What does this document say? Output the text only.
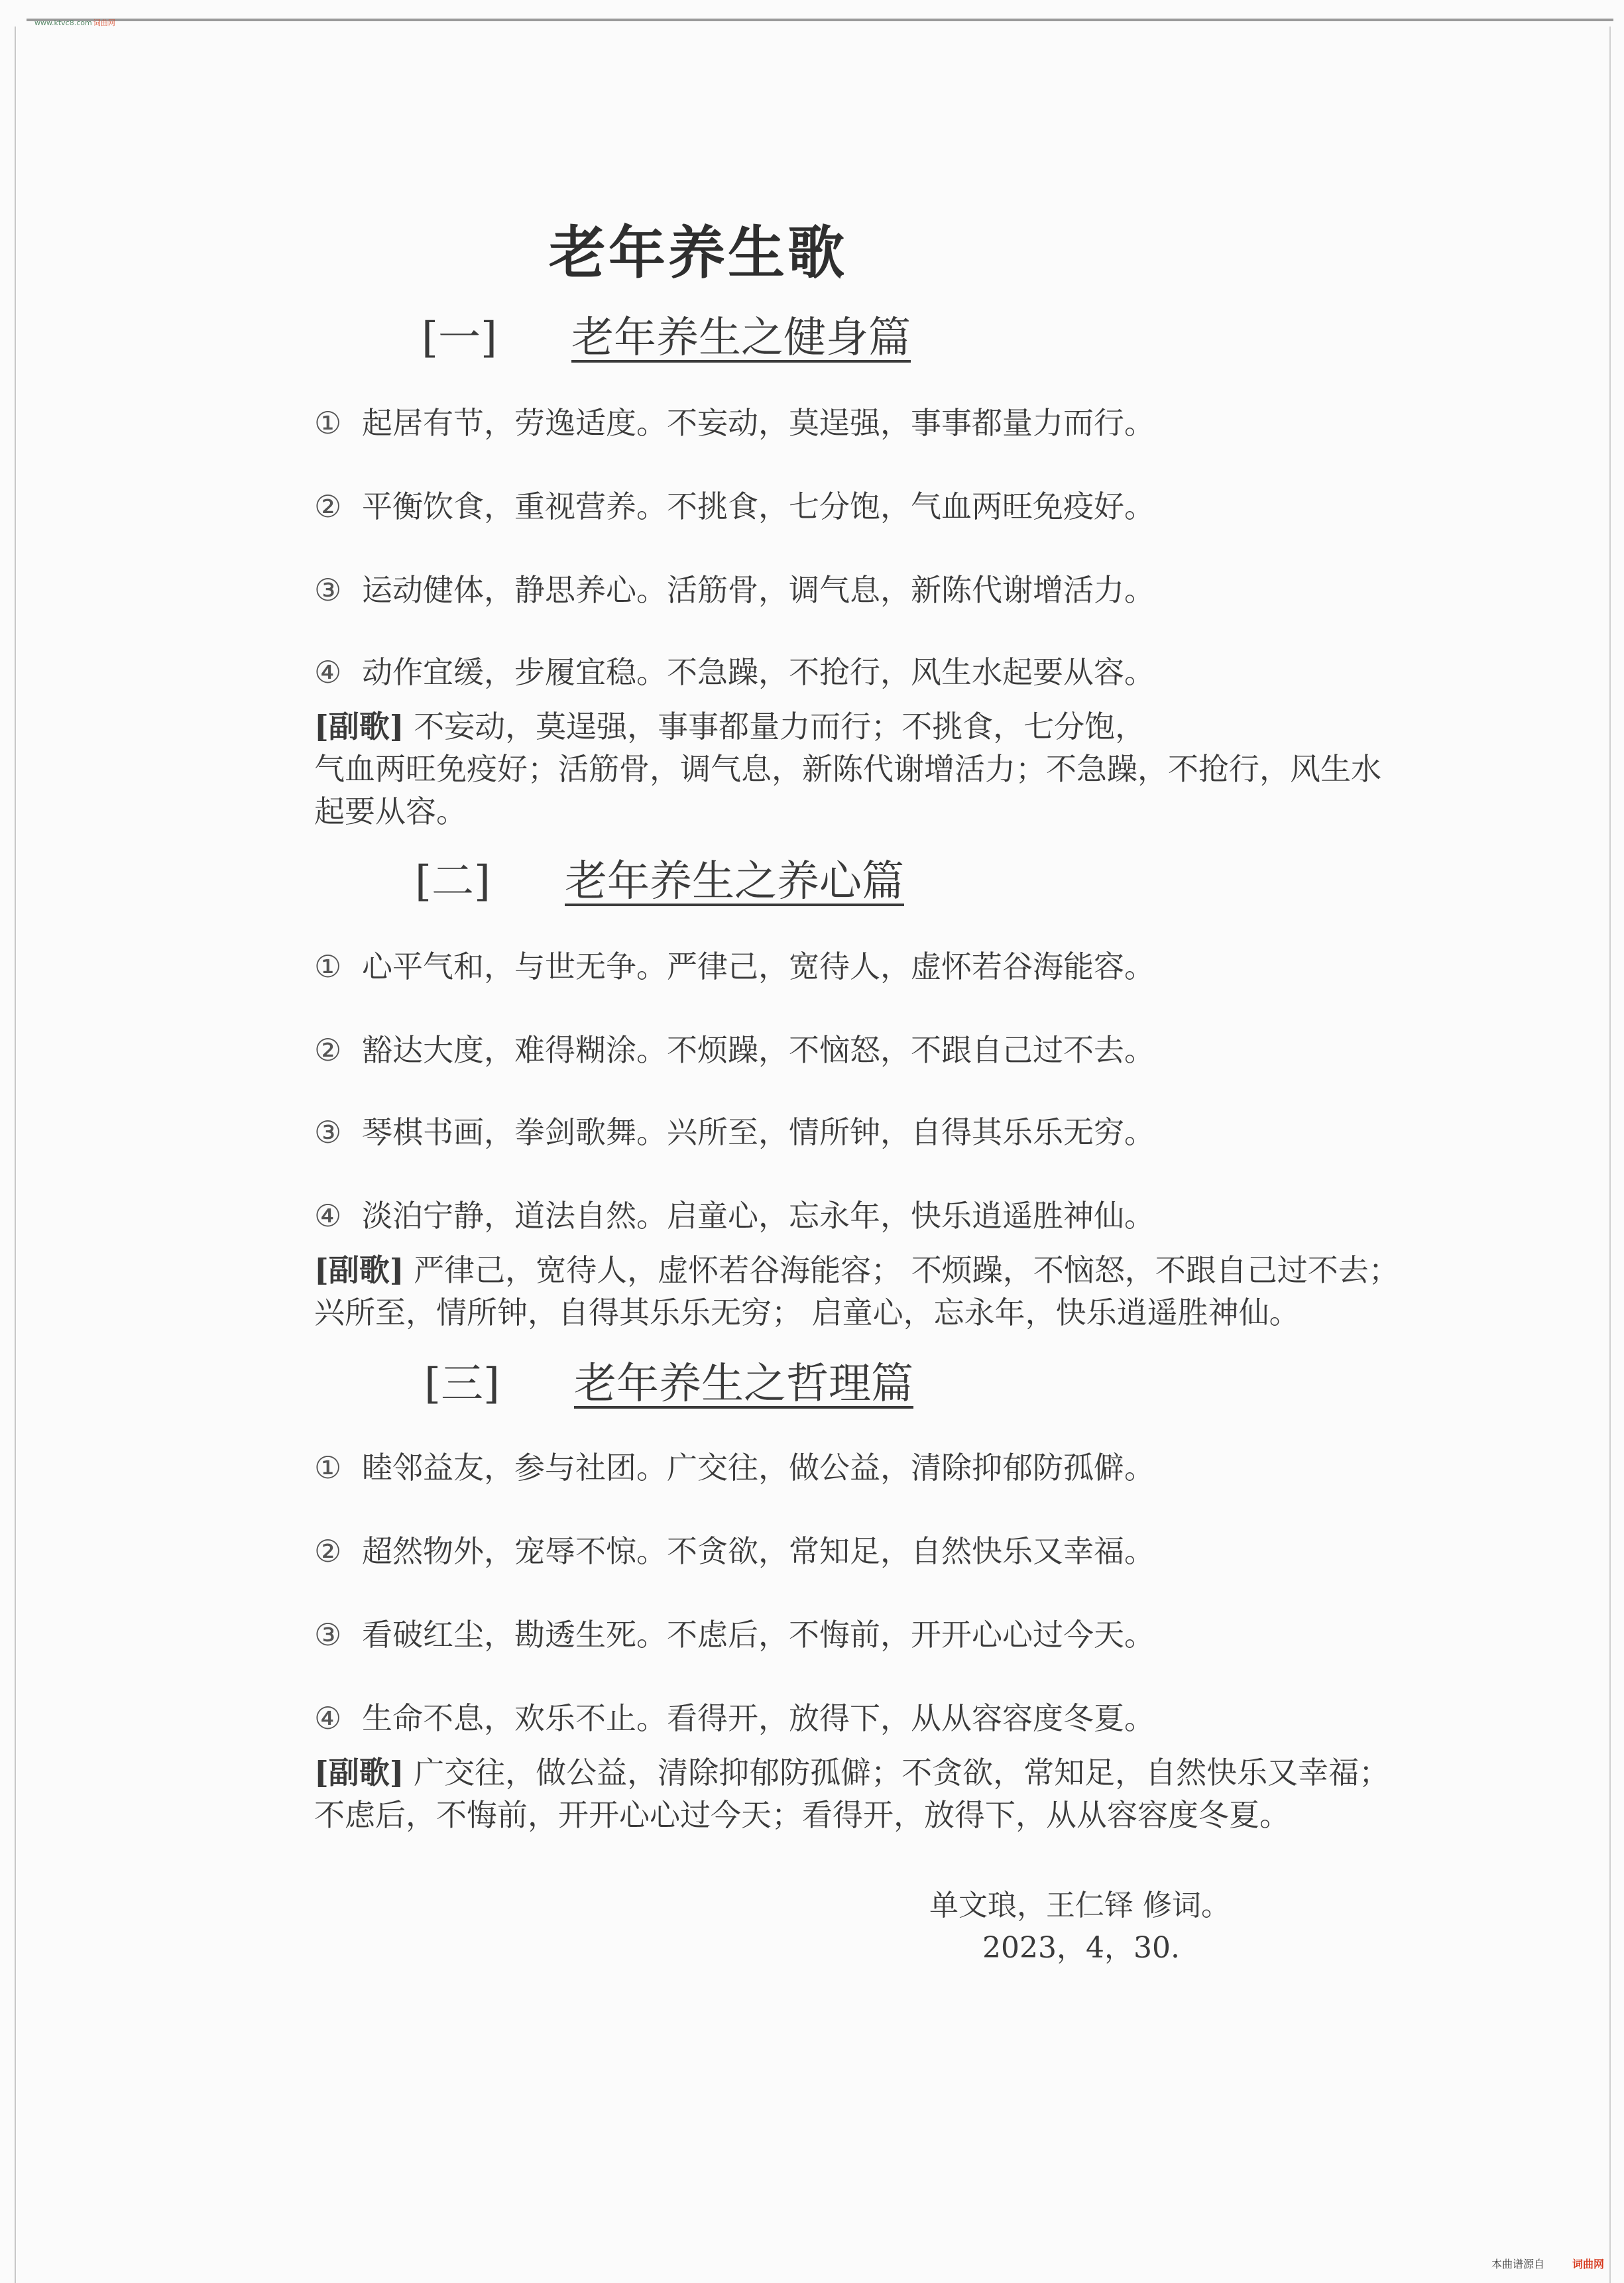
www.ktvc8.com 词曲网
老年养生歌
[一] 老年养生之健身篇
① 起居有节，劳逸适度。不妄动，莫逞强，事事都量力而行。
② 平衡饮食，重视营养。不挑食，七分饱，气血两旺免疫好。
③ 运动健体，静思养心。活筋骨，调气息，新陈代谢增活力。
④ 动作宜缓，步履宜稳。不急躁，不抢行，风生水起要从容。
[副歌] 不妄动，莫逞强，事事都量力而行；不挑食，七分饱，
气血两旺免疫好；活筋骨，调气息，新陈代谢增活力；不急躁，不抢行，风生水
起要从容。
[二] 老年养生之养心篇
① 心平气和，与世无争。严律己，宽待人，虚怀若谷海能容。
② 豁达大度，难得糊涂。不烦躁，不恼怒，不跟自己过不去。
③ 琴棋书画，拳剑歌舞。兴所至，情所钟，自得其乐乐无穷。
④ 淡泊宁静，道法自然。启童心，忘永年，快乐逍遥胜神仙。
[副歌] 严律己，宽待人，虚怀若谷海能容； 不烦躁，不恼怒，不跟自己过不去；
兴所至，情所钟，自得其乐乐无穷； 启童心，忘永年，快乐逍遥胜神仙。
[三] 老年养生之哲理篇
① 睦邻益友，参与社团。广交往，做公益，清除抑郁防孤僻。
② 超然物外，宠辱不惊。不贪欲，常知足，自然快乐又幸福。
③ 看破红尘，勘透生死。不虑后，不悔前，开开心心过今天。
④ 生命不息，欢乐不止。看得开，放得下，从从容容度冬夏。
[副歌] 广交往，做公益，清除抑郁防孤僻；不贪欲，常知足，自然快乐又幸福；
不虑后，不悔前，开开心心过今天；看得开，放得下，从从容容度冬夏。
单文琅，王仁铎 修词。
2023，4，30.
本曲谱源自	词曲网
